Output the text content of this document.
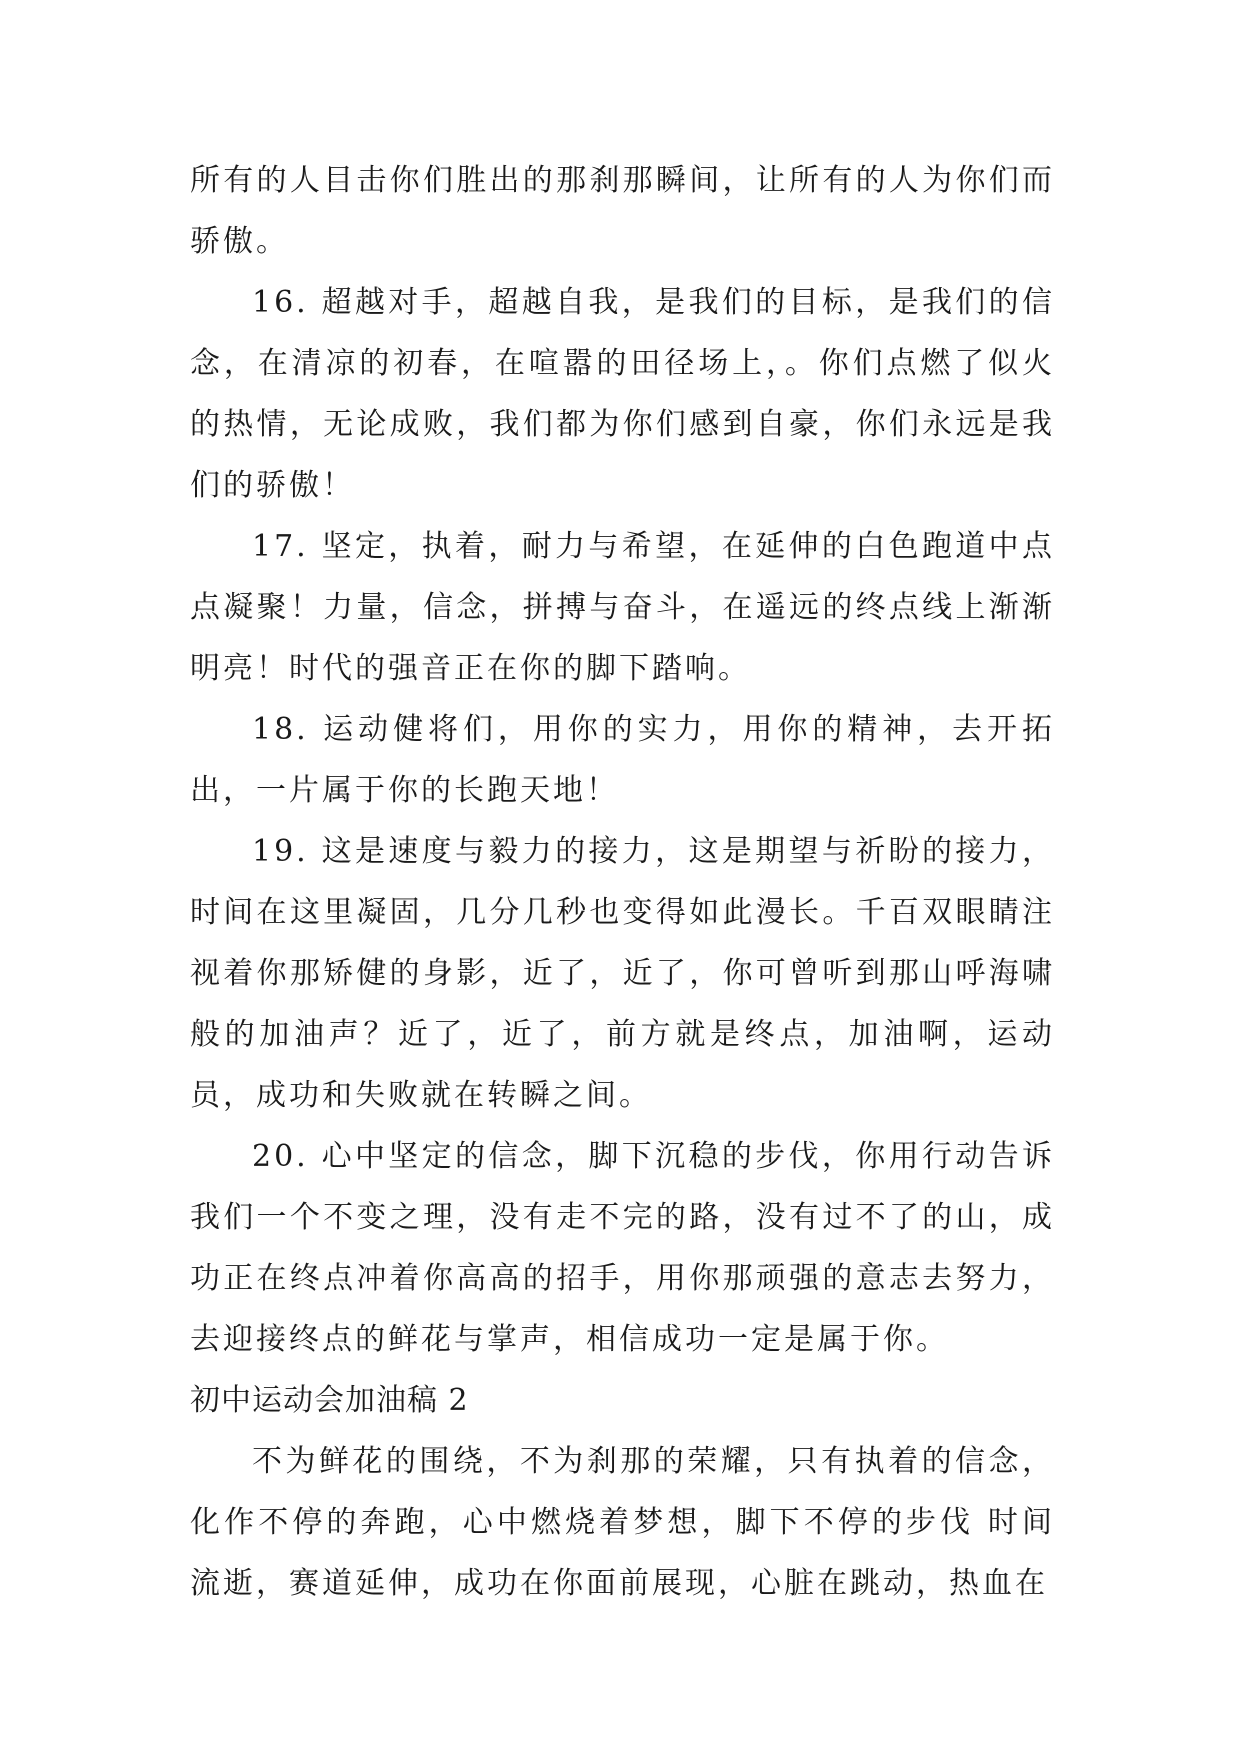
所有的人目击你们胜出的那刹那瞬间，让所有的人为你们而骄傲。

16. 超越对手，超越自我，是我们的目标，是我们的信念，在清凉的初春，在喧嚣的田径场上，。你们点燃了似火的热情，无论成败，我们都为你们感到自豪，你们永远是我们的骄傲！

17. 坚定，执着，耐力与希望，在延伸的白色跑道中点点凝聚！力量，信念，拼搏与奋斗，在遥远的终点线上渐渐明亮！时代的强音正在你的脚下踏响。

18. 运动健将们，用你的实力，用你的精神，去开拓出，一片属于你的长跑天地！

19. 这是速度与毅力的接力，这是期望与祈盼的接力，时间在这里凝固，几分几秒也变得如此漫长。千百双眼睛注视着你那矫健的身影，近了，近了，你可曾听到那山呼海啸般的加油声？近了，近了，前方就是终点，加油啊，运动员，成功和失败就在转瞬之间。

20. 心中坚定的信念，脚下沉稳的步伐，你用行动告诉我们一个不变之理，没有走不完的路，没有过不了的山，成功正在终点冲着你高高的招手，用你那顽强的意志去努力，去迎接终点的鲜花与掌声，相信成功一定是属于你。

初中运动会加油稿 2

不为鲜花的围绕，不为刹那的荣耀，只有执着的信念，化作不停的奔跑，心中燃烧着梦想，脚下不停的步伐 时间流逝，赛道延伸，成功在你面前展现，心脏在跳动，热血在
